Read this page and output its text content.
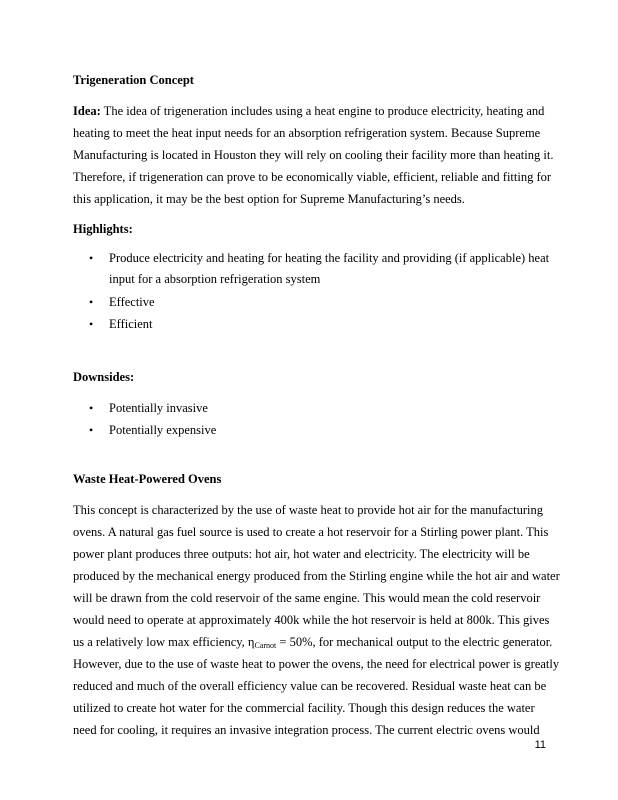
Trigeneration Concept
Idea: The idea of trigeneration includes using a heat engine to produce electricity, heating and
heating to meet the heat input needs for an absorption refrigeration system. Because Supreme
Manufacturing is located in Houston they will rely on cooling their facility more than heating it.
Therefore, if trigeneration can prove to be economically viable, efficient, reliable and fitting for
this application, it may be the best option for Supreme Manufacturing’s needs.
Highlights:
• Produce electricity and heating for heating the facility and providing (if applicable) heat
input for a absorption refrigeration system
• Effective
• Efficient
Downsides:
• Potentially invasive
• Potentially expensive
Waste Heat-Powered Ovens
This concept is characterized by the use of waste heat to provide hot air for the manufacturing
ovens. A natural gas fuel source is used to create a hot reservoir for a Stirling power plant. This
power plant produces three outputs: hot air, hot water and electricity. The electricity will be
produced by the mechanical energy produced from the Stirling engine while the hot air and water
will be drawn from the cold reservoir of the same engine. This would mean the cold reservoir
would need to operate at approximately 400k while the hot reservoir is held at 800k. This gives
us a relatively low max efficiency, $\eta_{Carnot} = 50\%$, for mechanical output to the electric generator.
However, due to the use of waste heat to power the ovens, the need for electrical power is greatly
reduced and much of the overall efficiency value can be recovered. Residual waste heat can be
utilized to create hot water for the commercial facility. Though this design reduces the water
need for cooling, it requires an invasive integration process. The current electric ovens would
11
